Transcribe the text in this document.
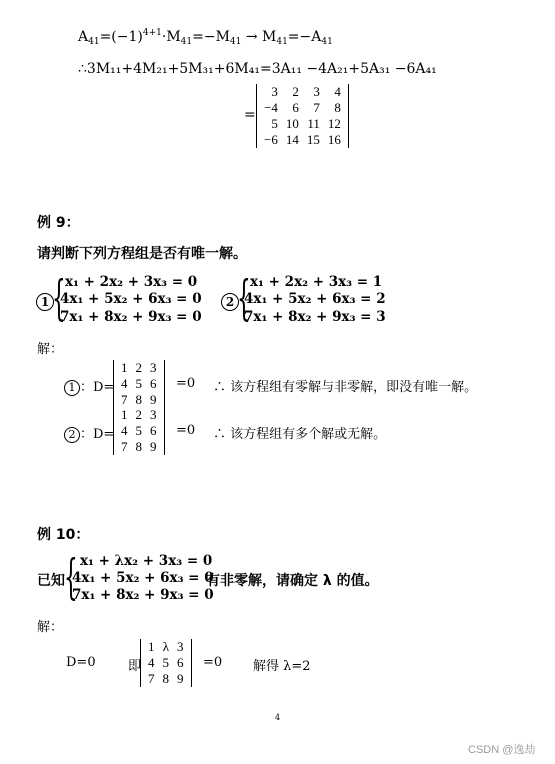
$A_{41}=(-1)^{4+1}\cdot M_{41}=-M_{41} \to M_{41}=-A_{41}$
∴3M₁₁+4M₂₁+5M₃₁+6M₄₁=3A₁₁ −4A₂₁+5A₃₁ −6A₄₁
=
3	2	3	4
−4	6	7	8
5	10	11	12
−6	14	15	16
例 9：
请判断下列方程组是否有唯一解。
1 { x₁ + 2x₂ + 3x₃ = 0
4x₁ + 5x₂ + 6x₃ = 0
7x₁ + 8x₂ + 9x₃ = 0
2 { x₁ + 2x₂ + 3x₃ = 1
4x₁ + 5x₂ + 6x₃ = 2
7x₁ + 8x₂ + 9x₃ = 3
解：
1 ：D=
1	2	3
4	5	6
7	8	9
=0 ∴ 该方程组有零解与非零解，即没有唯一解。
2 ：D=
1	2	3
4	5	6
7	8	9
=0 ∴ 该方程组有多个解或无解。
例 10：
已知 { x₁ + λx₂ + 3x₃ = 0
4x₁ + 5x₂ + 6x₃ = 0
7x₁ + 8x₂ + 9x₃ = 0
有非零解，请确定 λ 的值。
解：
D=0 即
1	λ	3
4	5	6
7	8	9
=0 解得 λ=2
4
CSDN @逸劫
